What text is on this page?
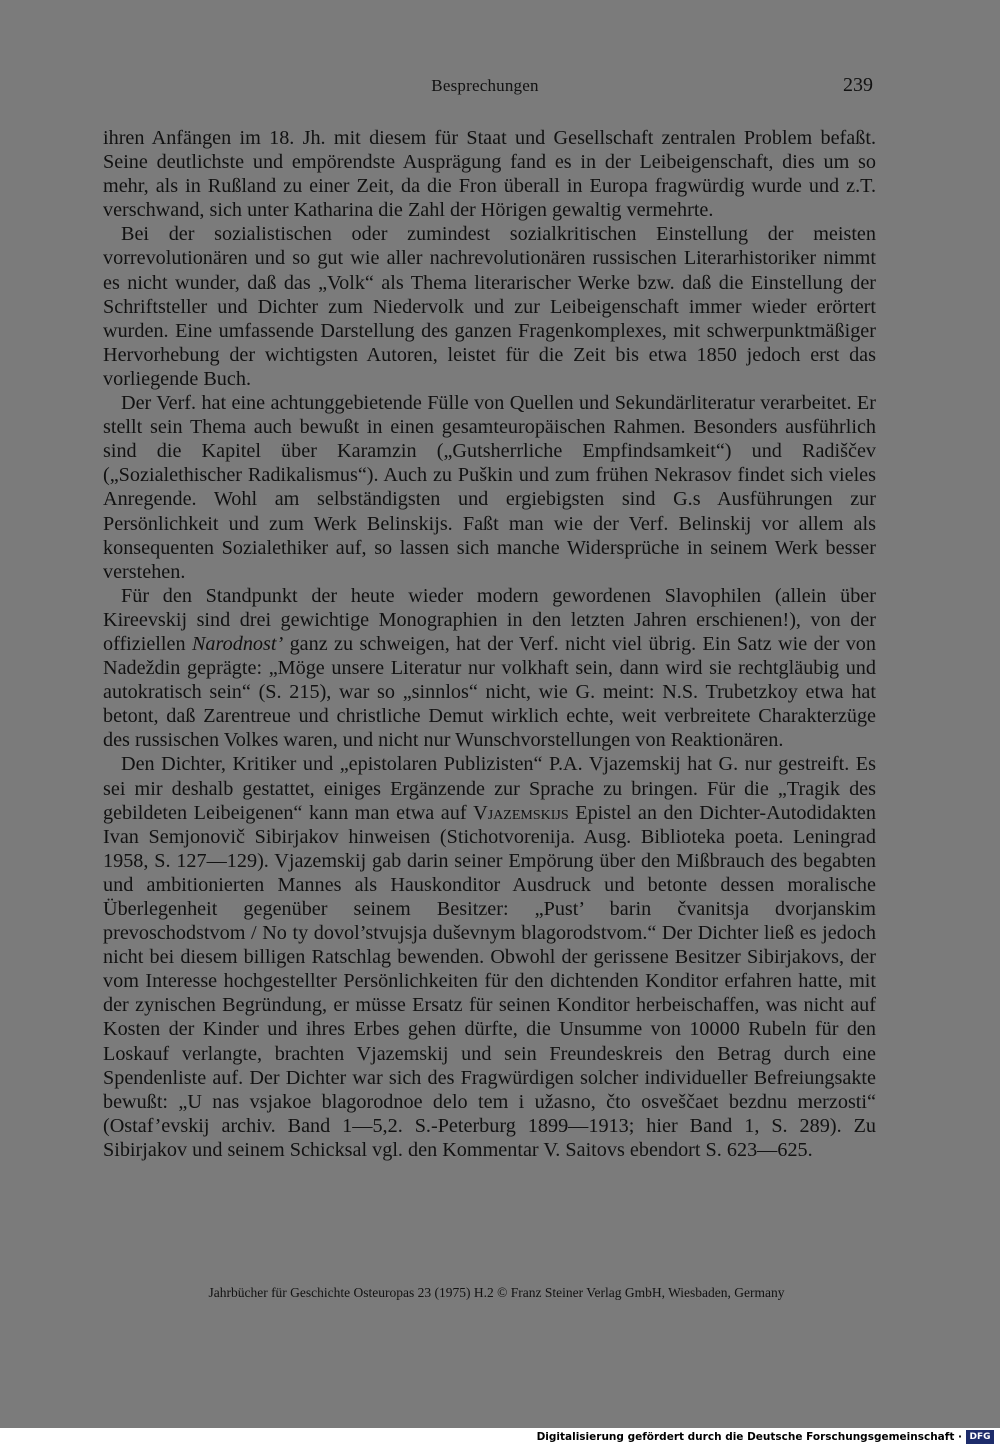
Besprechungen	239

ihren Anfängen im 18. Jh. mit diesem für Staat und Gesellschaft zentralen Problem befaßt. Seine deutlichste und empörendste Ausprägung fand es in der Leibeigenschaft, dies um so mehr, als in Rußland zu einer Zeit, da die Fron überall in Europa fragwürdig wurde und z.T. verschwand, sich unter Katharina die Zahl der Hörigen gewaltig vermehrte.

Bei der sozialistischen oder zumindest sozialkritischen Einstellung der meisten vorrevolutionären und so gut wie aller nachrevolutionären russischen Literarhistoriker nimmt es nicht wunder, daß das „Volk“ als Thema literarischer Werke bzw. daß die Einstellung der Schriftsteller und Dichter zum Niedervolk und zur Leibeigenschaft immer wieder erörtert wurden. Eine umfassende Darstellung des ganzen Fragenkomplexes, mit schwerpunktmäßiger Hervorhebung der wichtigsten Autoren, leistet für die Zeit bis etwa 1850 jedoch erst das vorliegende Buch.

Der Verf. hat eine achtunggebietende Fülle von Quellen und Sekundärliteratur verarbeitet. Er stellt sein Thema auch bewußt in einen gesamteuropäischen Rahmen. Besonders ausführlich sind die Kapitel über Karamzin („Gutsherrliche Empfindsamkeit“) und Radiščev („Sozialethischer Radikalismus“). Auch zu Puškin und zum frühen Nekrasov findet sich vieles Anregende. Wohl am selbständigsten und ergiebigsten sind G.s Ausführungen zur Persönlichkeit und zum Werk Belinskijs. Faßt man wie der Verf. Belinskij vor allem als konsequenten Sozialethiker auf, so lassen sich manche Widersprüche in seinem Werk besser verstehen.

Für den Standpunkt der heute wieder modern gewordenen Slavophilen (allein über Kireevskij sind drei gewichtige Monographien in den letzten Jahren erschienen!), von der offiziellen Narodnost’ ganz zu schweigen, hat der Verf. nicht viel übrig. Ein Satz wie der von Nadeždin geprägte: „Möge unsere Literatur nur volkhaft sein, dann wird sie rechtgläubig und autokratisch sein“ (S. 215), war so „sinnlos“ nicht, wie G. meint: N.S. Trubetzkoy etwa hat betont, daß Zarentreue und christliche Demut wirklich echte, weit verbreitete Charakterzüge des russischen Volkes waren, und nicht nur Wunschvorstellungen von Reaktionären.

Den Dichter, Kritiker und „epistolaren Publizisten“ P.A. Vjazemskij hat G. nur gestreift. Es sei mir deshalb gestattet, einiges Ergänzende zur Sprache zu bringen. Für die „Tragik des gebildeten Leibeigenen“ kann man etwa auf Vjazemskijs Epistel an den Dichter-Autodidakten Ivan Semjonovič Sibirjakov hinweisen (Stichotvorenija. Ausg. Biblioteka poeta. Leningrad 1958, S. 127—129). Vjazemskij gab darin seiner Empörung über den Mißbrauch des begabten und ambitionierten Mannes als Hauskonditor Ausdruck und betonte dessen moralische Überlegenheit gegenüber seinem Besitzer: „Pust’ barin čvanitsja dvorjanskim prevoschodstvom / No ty dovol’stvujsja duševnym blagorodstvom.“ Der Dichter ließ es jedoch nicht bei diesem billigen Ratschlag bewenden. Obwohl der gerissene Besitzer Sibirjakovs, der vom Interesse hochgestellter Persönlichkeiten für den dichtenden Konditor erfahren hatte, mit der zynischen Begründung, er müsse Ersatz für seinen Konditor herbeischaffen, was nicht auf Kosten der Kinder und ihres Erbes gehen dürfte, die Unsumme von 10000 Rubeln für den Loskauf verlangte, brachten Vjazemskij und sein Freundeskreis den Betrag durch eine Spendenliste auf. Der Dichter war sich des Fragwürdigen solcher individueller Befreiungsakte bewußt: „U nas vsjakoe blagorodnoe delo tem i užasno, čto osveščaet bezdnu merzosti“ (Ostaf’evskij archiv. Band 1—5,2. S.-Peterburg 1899—1913; hier Band 1, S. 289). Zu Sibirjakov und seinem Schicksal vgl. den Kommentar V. Saitovs ebendort S. 623—625.

Jahrbücher für Geschichte Osteuropas 23 (1975) H.2 © Franz Steiner Verlag GmbH, Wiesbaden, Germany
Digitalisierung gefördert durch die Deutsche Forschungsgemeinschaft · DFG
